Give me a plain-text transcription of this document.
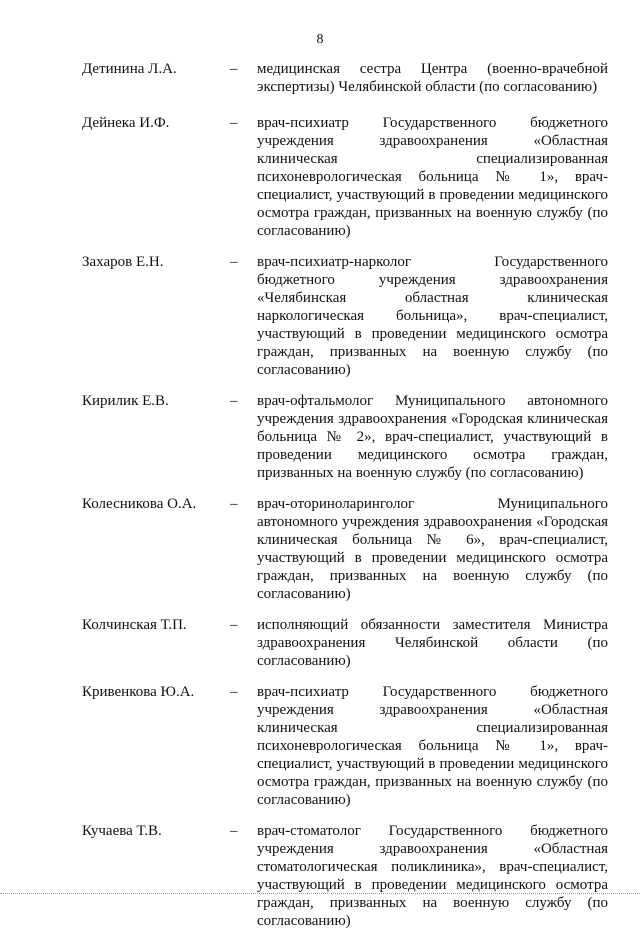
8
Детинина Л.А.	– медицинская сестра Центра (военно-врачебной экспертизы) Челябинской области (по согласованию)
Дейнека И.Ф.	– врач-психиатр Государственного бюджетного учреждения здравоохранения «Областная клиническая специализированная психоневрологическая больница № 1», врач-специалист, участвующий в проведении медицинского осмотра граждан, призванных на военную службу (по согласованию)
Захаров Е.Н.	– врач-психиатр-нарколог Государственного бюджетного учреждения здравоохранения «Челябинская областная клиническая наркологическая больница», врач-специалист, участвующий в проведении медицинского осмотра граждан, призванных на военную службу (по согласованию)
Кирилик Е.В.	– врач-офтальмолог Муниципального автономного учреждения здравоохранения «Городская клиническая больница № 2», врач-специалист, участвующий в проведении медицинского осмотра граждан, призванных на военную службу (по согласованию)
Колесникова О.А. – врач-оториноларинголог Муниципального автономного учреждения здравоохранения «Городская клиническая больница № 6», врач-специалист, участвующий в проведении медицинского осмотра граждан, призванных на военную службу (по согласованию)
Колчинская Т.П.	– исполняющий обязанности заместителя Министра здравоохранения Челябинской области (по согласованию)
Кривенкова Ю.А. – врач-психиатр Государственного бюджетного учреждения здравоохранения «Областная клиническая специализированная психоневрологическая больница № 1», врач-специалист, участвующий в проведении медицинского осмотра граждан, призванных на военную службу (по согласованию)
Кучаева Т.В.	– врач-стоматолог Государственного бюджетного учреждения здравоохранения «Областная стоматологическая поликлиника», врач-специалист, участвующий в проведении медицинского осмотра граждан, призванных на военную службу (по согласованию)
